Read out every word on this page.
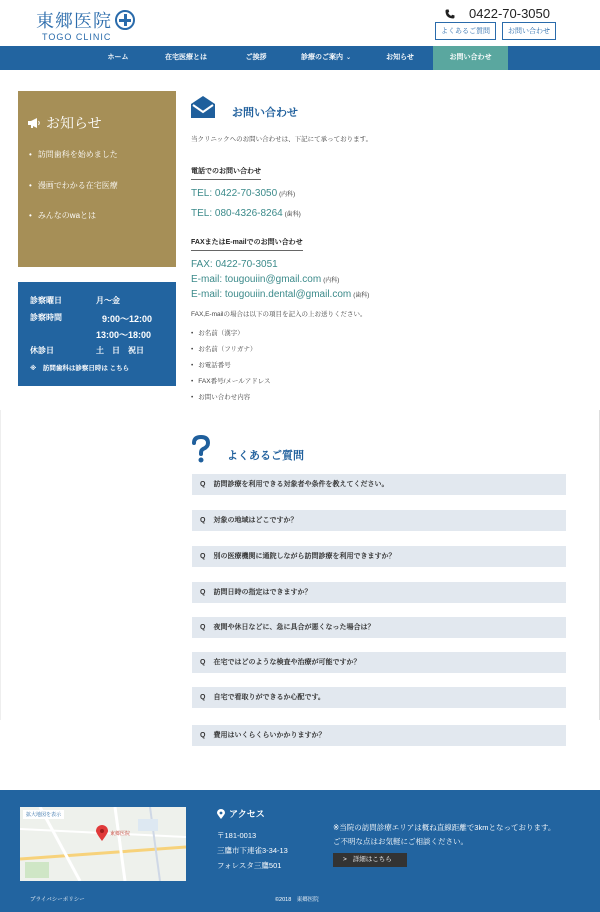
東郷医院
TOGO CLINIC
0422-70-3050
よくあるご質問	お問い合わせ
ホーム	在宅医療とは	ご挨拶	診療のご案内 ⌄	お知らせ	お問い合わせ
お知らせ
• 訪問歯科を始めました
• 漫画でわかる在宅医療
• みんなのwaとは
診察曜日	月〜金
診察時間	9:00〜12:00
13:00〜18:00
休診日	土　日　祝日
※　訪問歯科は診察日時は こちら
お問い合わせ
当クリニックへのお問い合わせは、下記にて承っております。
電話でのお問い合わせ
TEL: 0422-70-3050 (内科)
TEL: 080-4326-8264 (歯科)
FAXまたはE-mailでのお問い合わせ
FAX: 0422-70-3051
E-mail: tougouiin@gmail.com (内科)
E-mail: tougouiin.dental@gmail.com (歯科)
FAX,E-mailの場合は以下の項目を記入の上お送りください。
• お名前（漢字）
• お名前（フリガナ）
• お電話番号
• FAX番号/メールアドレス
• お問い合わせ内容
よくあるご質問
Q 訪問診療を利用できる対象者や条件を教えてください。
Q 対象の地域はどこですか？
Q 別の医療機関に通院しながら訪問診療を利用できますか？
Q 訪問日時の指定はできますか？
Q 夜間や休日などに、急に具合が悪くなった場合は？
Q 在宅ではどのような検査や治療が可能ですか？
Q 自宅で看取りができるか心配です。
Q 費用はいくらくらいかかりますか？
拡大地図を表示
東郷医院
アクセス
〒181-0013
三鷹市下連雀3-34-13
フォレスタ三鷹501
※当院の訪問診療エリアは概ね直線距離で3kmとなっております。
ご不明な点はお気軽にご相談ください。
> 詳細はこちら
プライバシーポリシー	©2018　東郷医院
